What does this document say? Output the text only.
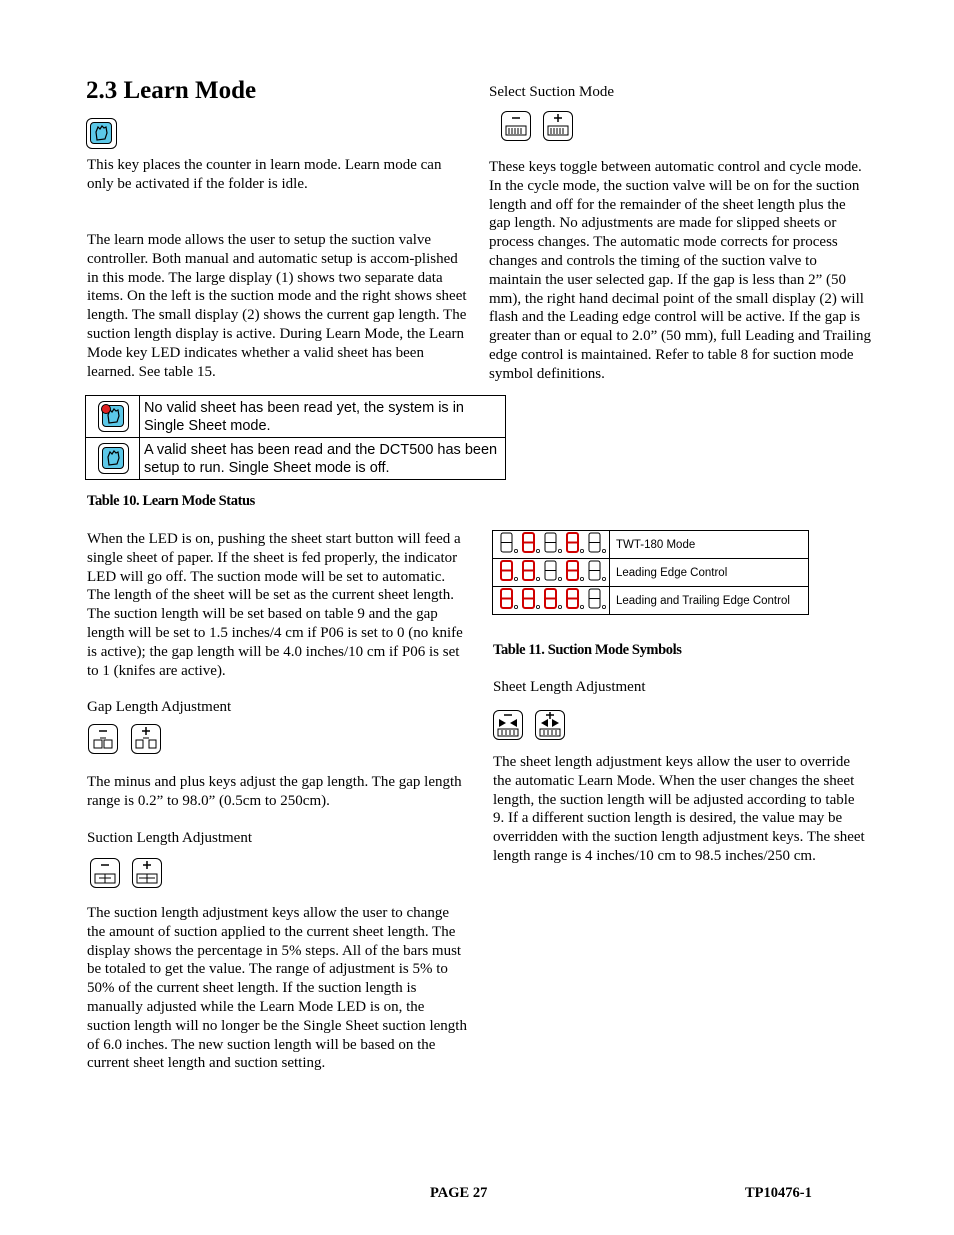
2.3 Learn Mode

This key places the counter in learn mode. Learn mode can only be activated if the folder is idle.

The learn mode allows the user to setup the suction valve controller. Both manual and automatic setup is accom-plished in this mode. The large display (1) shows two separate data items. On the left is the suction mode and the right shows sheet length. The small display (2) shows the current gap length. The suction length display is active. During Learn Mode, the Learn Mode key LED indicates whether a valid sheet has been learned. See table 15.

	No valid sheet has been read yet, the system is in Single Sheet mode.

	A valid sheet has been read and the DCT500 has been setup to run. Single Sheet mode is off.
Table 10. Learn Mode Status

When the LED is on, pushing the sheet start button will feed a single sheet of paper. If the sheet is fed properly, the indicator LED will go off. The suction mode will be set to automatic. The length of the sheet will be set as the current sheet length. The suction length will be set based on table 9 and the gap length will be set to 1.5 inches/4 cm if P06 is set to 0 (no knife is active); the gap length will be 4.0 inches/10 cm if P06 is set to 1 (knifes are active).

Gap Length Adjustment

The minus and plus keys adjust the gap length. The gap length range is 0.2” to 98.0” (0.5cm to 250cm).

Suction Length Adjustment

The suction length adjustment keys allow the user to change the amount of suction applied to the current sheet length. The display shows the percentage in 5% steps. All of the bars must be totaled to get the value. The range of adjustment is 5% to 50% of the current sheet length. If the suction length is manually adjusted while the Learn Mode LED is on, the suction length will no longer be the Single Sheet suction length of 6.0 inches. The new suction length will be based on the current sheet length and suction setting.

Select Suction Mode

These keys toggle between automatic control and cycle mode. In the cycle mode, the suction valve will be on for the suction length and off for the remainder of the sheet length plus the gap length. No adjustments are made for slipped sheets or process changes. The automatic mode corrects for process changes and controls the timing of the suction valve to maintain the user selected gap. If the gap is less than 2” (50 mm), the right hand decimal point of the small display (2) will flash and the Leading edge control will be active. If the gap is greater than or equal to 2.0” (50 mm), full Leading and Trailing edge control is maintained. Refer to table 8 for suction mode symbol definitions.

	TWT-180 Mode
	Leading Edge Control
	Leading and Trailing Edge Control
Table 11. Suction Mode Symbols
Sheet Length Adjustment

The sheet length adjustment keys allow the user to override the automatic Learn Mode. When the user changes the sheet length, the suction length will be adjusted according to table 9. If a different suction length is desired, the value may be overridden with the suction length adjustment keys. The sheet length range is 4 inches/10 cm to 98.5 inches/250 cm.

PAGE 27	TP10476-1
